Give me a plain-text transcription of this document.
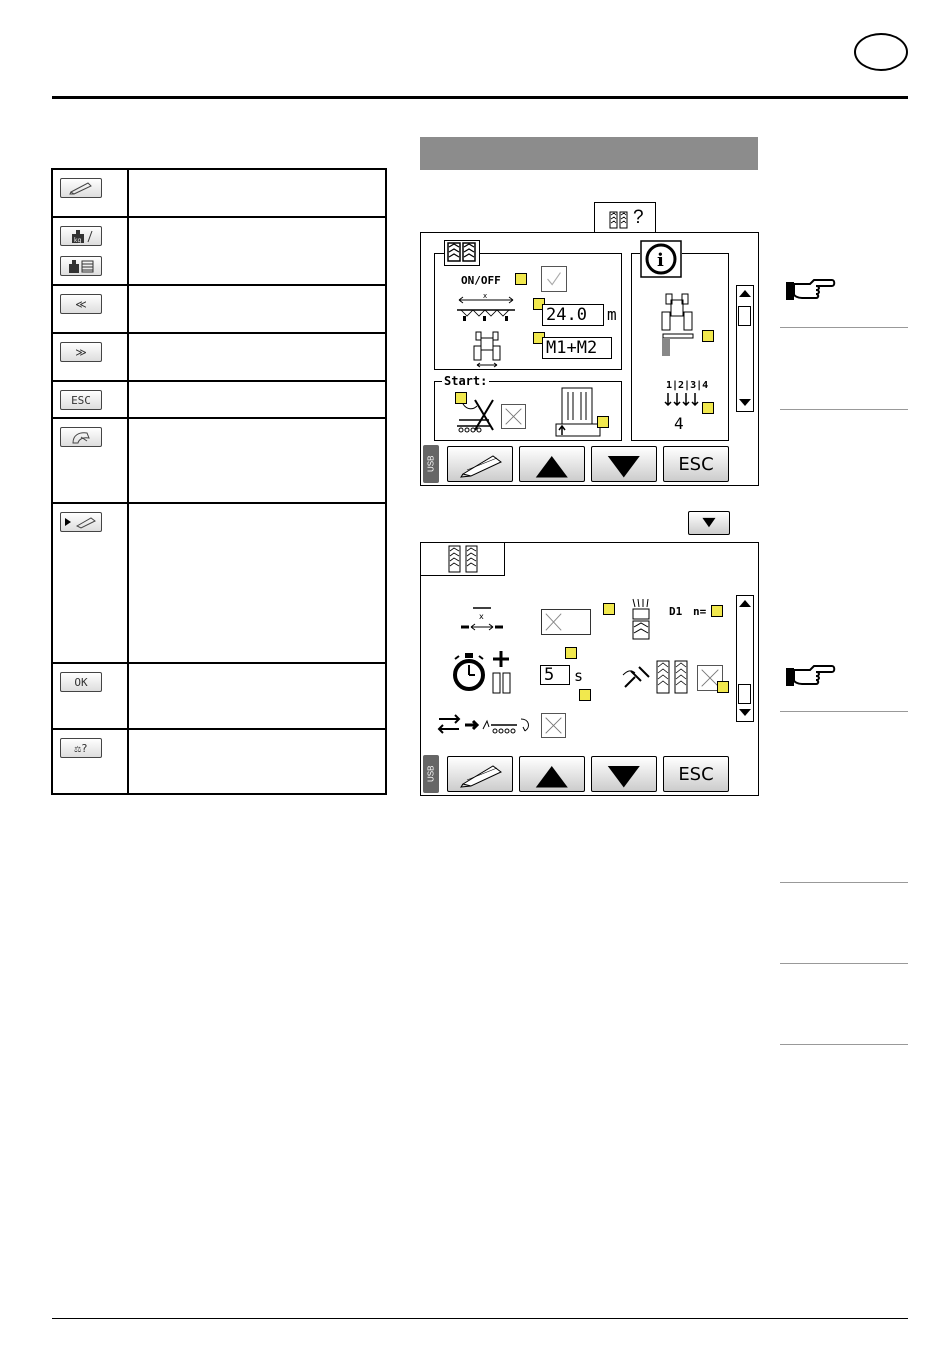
kg
≪
≫
ESC
OK
⚖?
?
ON/OFF
x
24.0	m
M1+M2
Start:
i
1|2|3|4
4
USB	▲ ▼	ESC
▼
x	D1 n=
5	s
USB	▲ ▼	ESC
